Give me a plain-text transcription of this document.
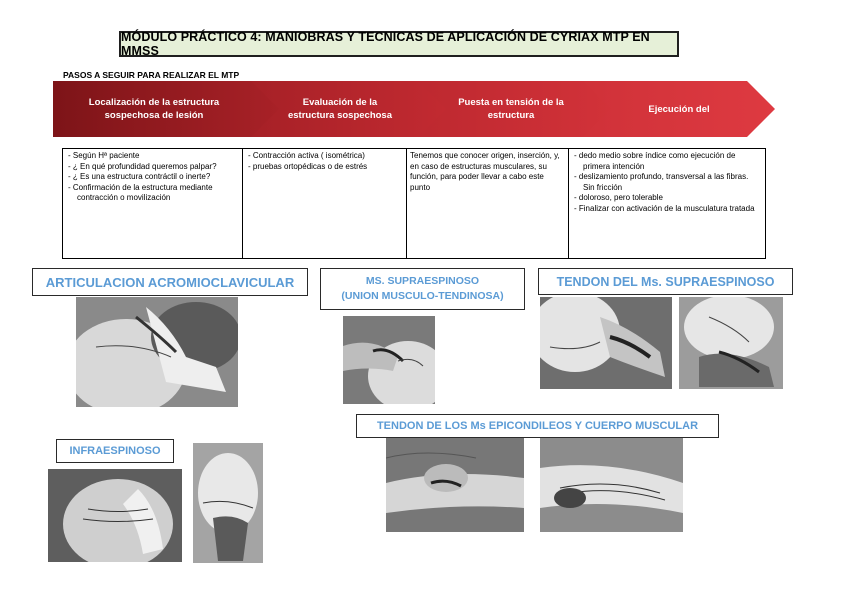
MÓDULO PRÁCTICO 4: MANIOBRAS Y TECNICAS DE APLICACIÓN DE CYRIAX MTP EN MMSS
PASOS A SEGUIR PARA REALIZAR EL MTP
Localización de la estructura
sospechosa de lesión
Evaluación de la
estructura sospechosa
Puesta en tensión de la
estructura
Ejecución del
- Según Hª paciente
- ¿ En qué profundidad queremos palpar?
- ¿ Es una estructura contráctil o inerte?
- Confirmación de la estructura mediante contracción o movilización
- Contracción activa ( isométrica)
- pruebas ortopédicas o de estrés
Tenemos que conocer origen, inserción, y, en caso de estructuras musculares, su función, para poder llevar a cabo este punto
- dedo medio sobre índice como ejecución de primera intención
- deslizamiento profundo, transversal a las fibras. Sin fricción
- doloroso, pero tolerable
- Finalizar con activación de la musculatura tratada
ARTICULACION ACROMIOCLAVICULAR	MS. SUPRAESPINOSO
(UNION MUSCULO-TENDINOSA)
TENDON DEL Ms. SUPRAESPINOSO
TENDON DE LOS Ms EPICONDILEOS Y CUERPO MUSCULAR
INFRAESPINOSO
